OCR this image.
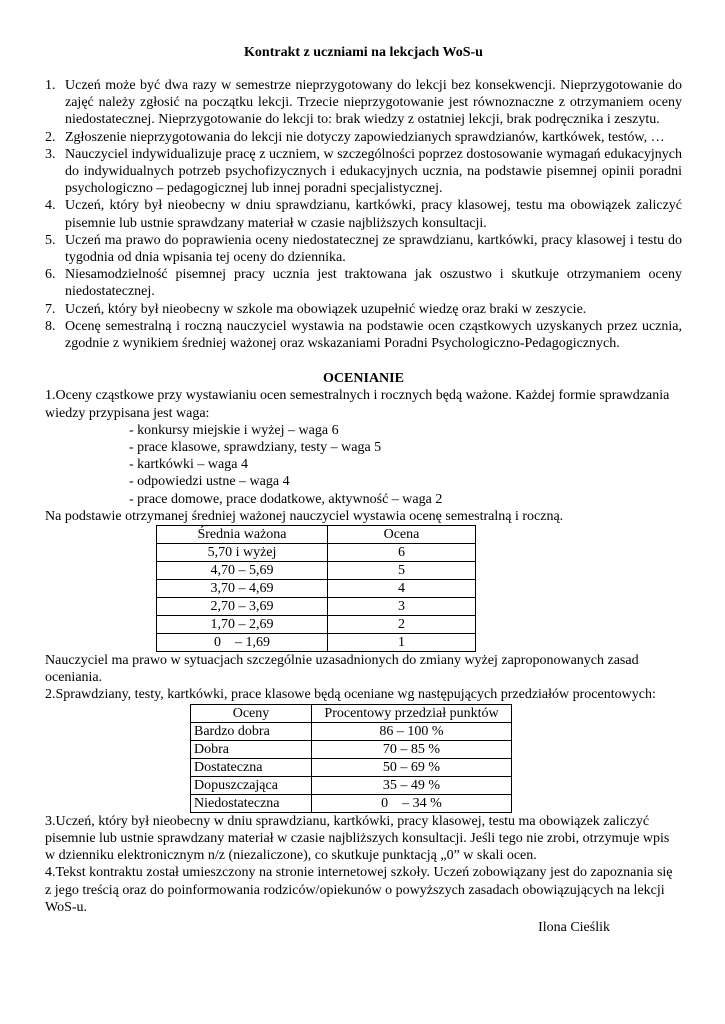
Kontrakt z uczniami na lekcjach WoS-u
1. Uczeń może być dwa razy w semestrze nieprzygotowany do lekcji bez konsekwencji. Nieprzygotowanie do zajęć należy zgłosić na początku lekcji. Trzecie nieprzygotowanie jest równoznaczne z otrzymaniem oceny niedostatecznej. Nieprzygotowanie do lekcji to: brak wiedzy z ostatniej lekcji, brak podręcznika i zeszytu.
2. Zgłoszenie nieprzygotowania do lekcji nie dotyczy zapowiedzianych sprawdzianów, kartkówek, testów, …
3. Nauczyciel indywidualizuje pracę z uczniem, w szczególności poprzez dostosowanie wymagań edukacyjnych do indywidualnych potrzeb psychofizycznych i edukacyjnych ucznia, na podstawie pisemnej opinii poradni psychologiczno – pedagogicznej lub innej poradni specjalistycznej.
4. Uczeń, który był nieobecny w dniu sprawdzianu, kartkówki, pracy klasowej, testu ma obowiązek zaliczyć pisemnie lub ustnie sprawdzany materiał w czasie najbliższych konsultacji.
5. Uczeń ma prawo do poprawienia oceny niedostatecznej ze sprawdzianu, kartkówki, pracy klasowej i testu do tygodnia od dnia wpisania tej oceny do dziennika.
6. Niesamodzielność pisemnej pracy ucznia jest traktowana jak oszustwo i skutkuje otrzymaniem oceny niedostatecznej.
7. Uczeń, który był nieobecny w szkole ma obowiązek uzupełnić wiedzę oraz braki w zeszycie.
8. Ocenę semestralną i roczną nauczyciel wystawia na podstawie ocen cząstkowych uzyskanych przez ucznia, zgodnie z wynikiem średniej ważonej oraz wskazaniami Poradni Psychologiczno-Pedagogicznych.
OCENIANIE

1.Oceny cząstkowe przy wystawianiu ocen semestralnych i rocznych będą ważone. Każdej formie sprawdzania wiedzy przypisana jest waga:

- konkursy miejskie i wyżej – waga 6
- prace klasowe, sprawdziany, testy – waga 5
- kartkówki – waga 4
- odpowiedzi ustne – waga 4
- prace domowe, prace dodatkowe, aktywność – waga 2

Na podstawie otrzymanej średniej ważonej nauczyciel wystawia ocenę semestralną i roczną.

Średnia ważona	Ocena
5,70 i wyżej	6
4,70 – 5,69	5
3,70 – 4,69	4
2,70 – 3,69	3
1,70 – 2,69	2
0    – 1,69	1

Nauczyciel ma prawo w sytuacjach szczególnie uzasadnionych do zmiany wyżej zaproponowanych zasad oceniania.

2.Sprawdziany, testy, kartkówki, prace klasowe będą oceniane wg następujących przedziałów procentowych:

Oceny	Procentowy przedział punktów
Bardzo dobra	86 – 100 %
Dobra	70 – 85 %
Dostateczna	50 – 69 %
Dopuszczająca	35 – 49 %
Niedostateczna	0    – 34 %

3.Uczeń, który był nieobecny w dniu sprawdzianu, kartkówki, pracy klasowej, testu ma obowiązek zaliczyć pisemnie lub ustnie sprawdzany materiał w czasie najbliższych konsultacji. Jeśli tego nie zrobi, otrzymuje wpis w dzienniku elektronicznym n/z (niezaliczone), co skutkuje punktacją „0” w skali ocen.

4.Tekst kontraktu został umieszczony na stronie internetowej szkoły. Uczeń zobowiązany jest do zapoznania się z jego treścią oraz do poinformowania rodziców/opiekunów o powyższych zasadach obowiązujących na lekcji WoS-u.

Ilona Cieślik
